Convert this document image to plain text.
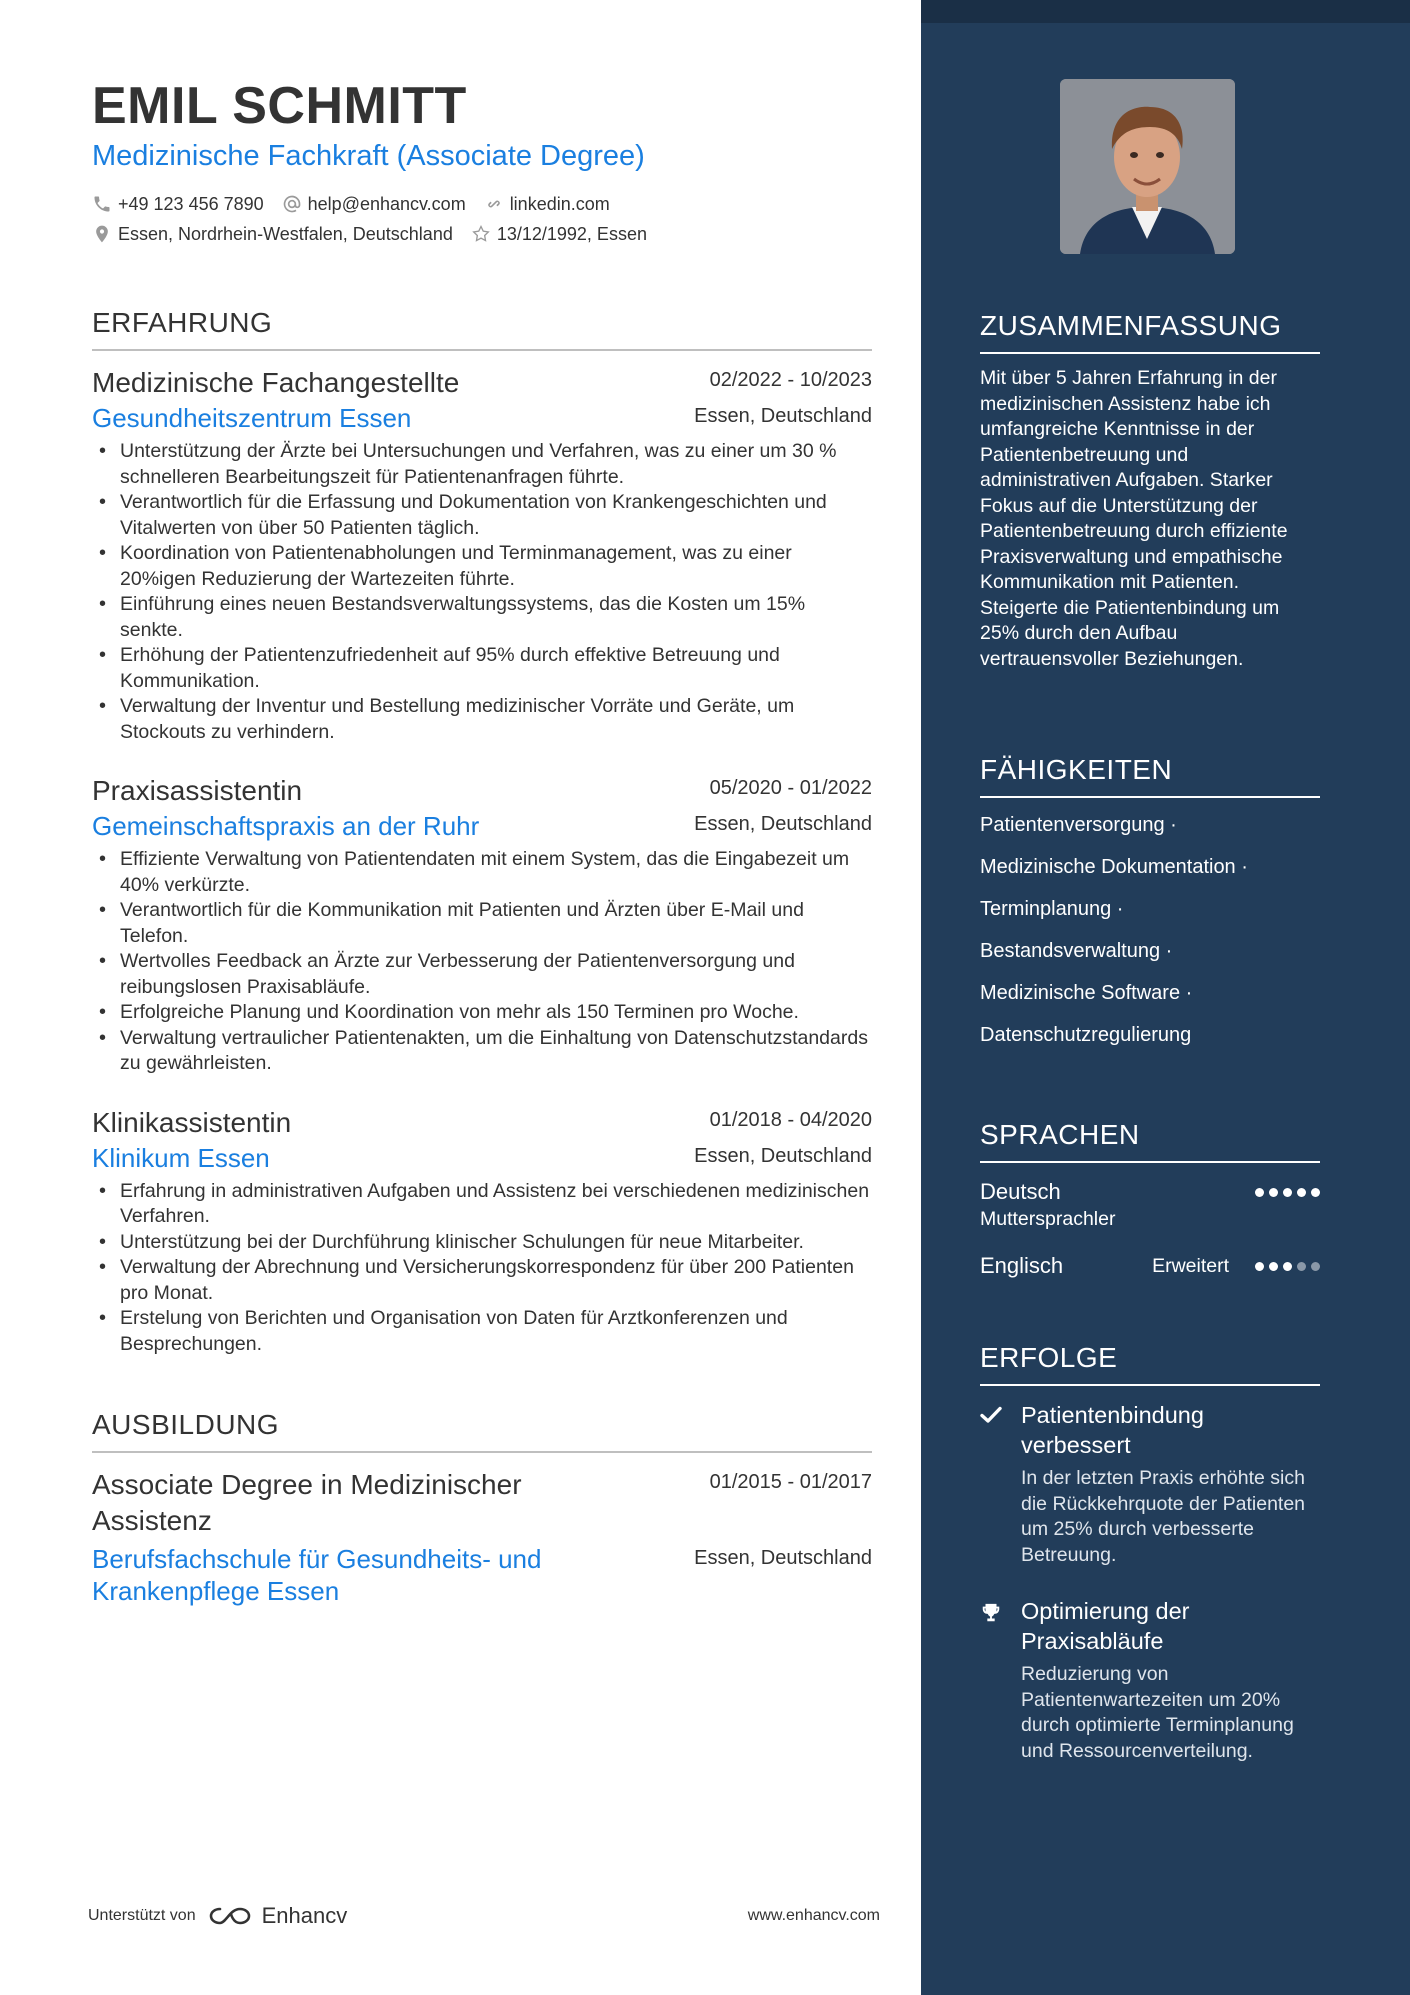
EMIL SCHMITT
Medizinische Fachkraft (Associate Degree)
+49 123 456 7890 help@enhancv.com linkedin.com
Essen, Nordrhein-Westfalen, Deutschland 13/12/1992, Essen
ERFAHRUNG
Medizinische Fachangestellte	02/2022 - 10/2023
Gesundheitszentrum Essen	Essen, Deutschland
• Unterstützung der Ärzte bei Untersuchungen und Verfahren, was zu einer um 30 % schnelleren Bearbeitungszeit für Patientenanfragen führte.
• Verantwortlich für die Erfassung und Dokumentation von Krankengeschichten und Vitalwerten von über 50 Patienten täglich.
• Koordination von Patientenabholungen und Terminmanagement, was zu einer 20%igen Reduzierung der Wartezeiten führte.
• Einführung eines neuen Bestandsverwaltungssystems, das die Kosten um 15% senkte.
• Erhöhung der Patientenzufriedenheit auf 95% durch effektive Betreuung und Kommunikation.
• Verwaltung der Inventur und Bestellung medizinischer Vorräte und Geräte, um Stockouts zu verhindern.
Praxisassistentin	05/2020 - 01/2022
Gemeinschaftspraxis an der Ruhr	Essen, Deutschland
• Effiziente Verwaltung von Patientendaten mit einem System, das die Eingabezeit um 40% verkürzte.
• Verantwortlich für die Kommunikation mit Patienten und Ärzten über E-Mail und Telefon.
• Wertvolles Feedback an Ärzte zur Verbesserung der Patientenversorgung und reibungslosen Praxisabläufe.
• Erfolgreiche Planung und Koordination von mehr als 150 Terminen pro Woche.
• Verwaltung vertraulicher Patientenakten, um die Einhaltung von Datenschutzstandards zu gewährleisten.
Klinikassistentin	01/2018 - 04/2020
Klinikum Essen	Essen, Deutschland
• Erfahrung in administrativen Aufgaben und Assistenz bei verschiedenen medizinischen Verfahren.
• Unterstützung bei der Durchführung klinischer Schulungen für neue Mitarbeiter.
• Verwaltung der Abrechnung und Versicherungskorrespondenz für über 200 Patienten pro Monat.
• Erstelung von Berichten und Organisation von Daten für Arztkonferenzen und Besprechungen.
AUSBILDUNG
Associate Degree in Medizinischer Assistenz
01/2015 - 01/2017
Berufsfachschule für Gesundheits- und Krankenpflege Essen
Essen, Deutschland
Unterstützt von	Enhancv	www.enhancv.com
ZUSAMMENFASSUNG
Mit über 5 Jahren Erfahrung in der medizinischen Assistenz habe ich umfangreiche Kenntnisse in der Patientenbetreuung und administrativen Aufgaben. Starker Fokus auf die Unterstützung der Patientenbetreuung durch effiziente Praxisverwaltung und empathische Kommunikation mit Patienten. Steigerte die Patientenbindung um 25% durch den Aufbau vertrauensvoller Beziehungen.
FÄHIGKEITEN
Patientenversorgung ·
Medizinische Dokumentation ·
Terminplanung ·
Bestandsverwaltung ·
Medizinische Software ·
Datenschutzregulierung
SPRACHEN
Deutsch
Muttersprachler
Englisch	Erweitert
ERFOLGE
Patientenbindung verbessert
In der letzten Praxis erhöhte sich die Rückkehrquote der Patienten um 25% durch verbesserte Betreuung.
Optimierung der Praxisabläufe
Reduzierung von Patientenwartezeiten um 20% durch optimierte Terminplanung und Ressourcenverteilung.
